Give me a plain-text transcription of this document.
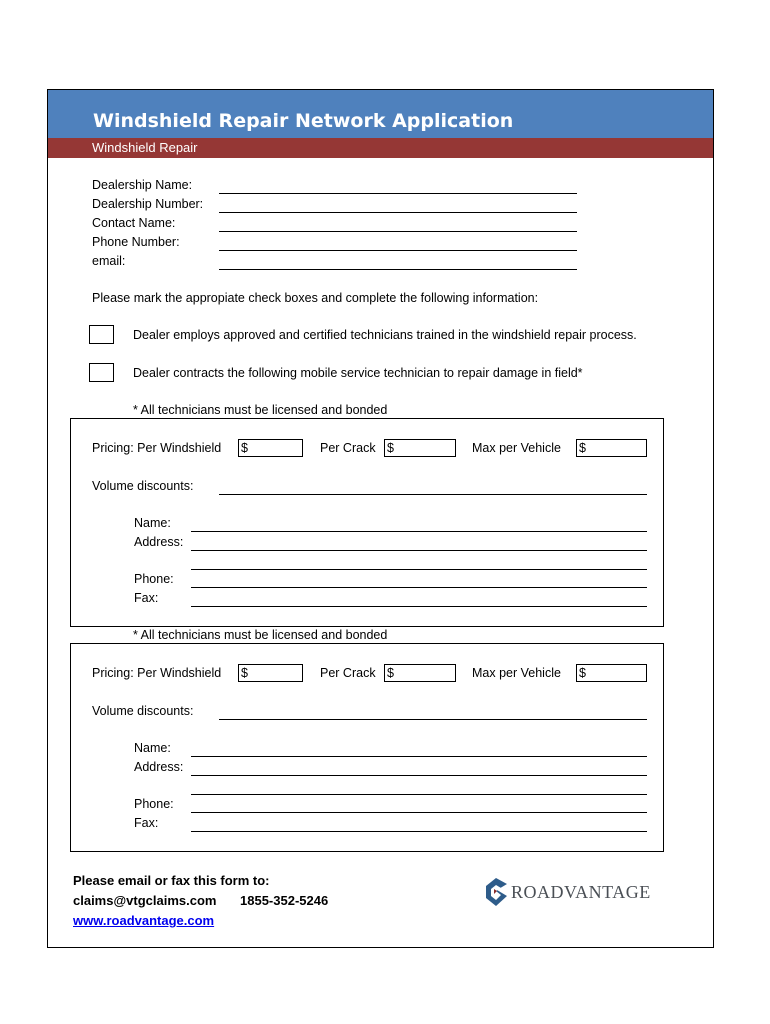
Windshield Repair Network Application
Windshield Repair
Dealership Name:
Dealership Number:
Contact Name:
Phone Number:
email:
Please mark the appropiate check boxes and complete the following information:
Dealer employs approved and certified technicians trained in the windshield repair process.
Dealer contracts the following mobile service technician to repair damage in field*
* All technicians must be licensed and bonded
Pricing: Per Windshield $	Per Crack $	Max per Vehicle $
Volume discounts:
Name:
Address:
Phone:
Fax:
* All technicians must be licensed and bonded
Pricing: Per Windshield $	Per Crack $	Max per Vehicle $
Volume discounts:
Name:
Address:
Phone:
Fax:
Please email or fax this form to:
claims@vtgclaims.com 1855-352-5246
www.roadvantage.com
ROADVANTAGE
